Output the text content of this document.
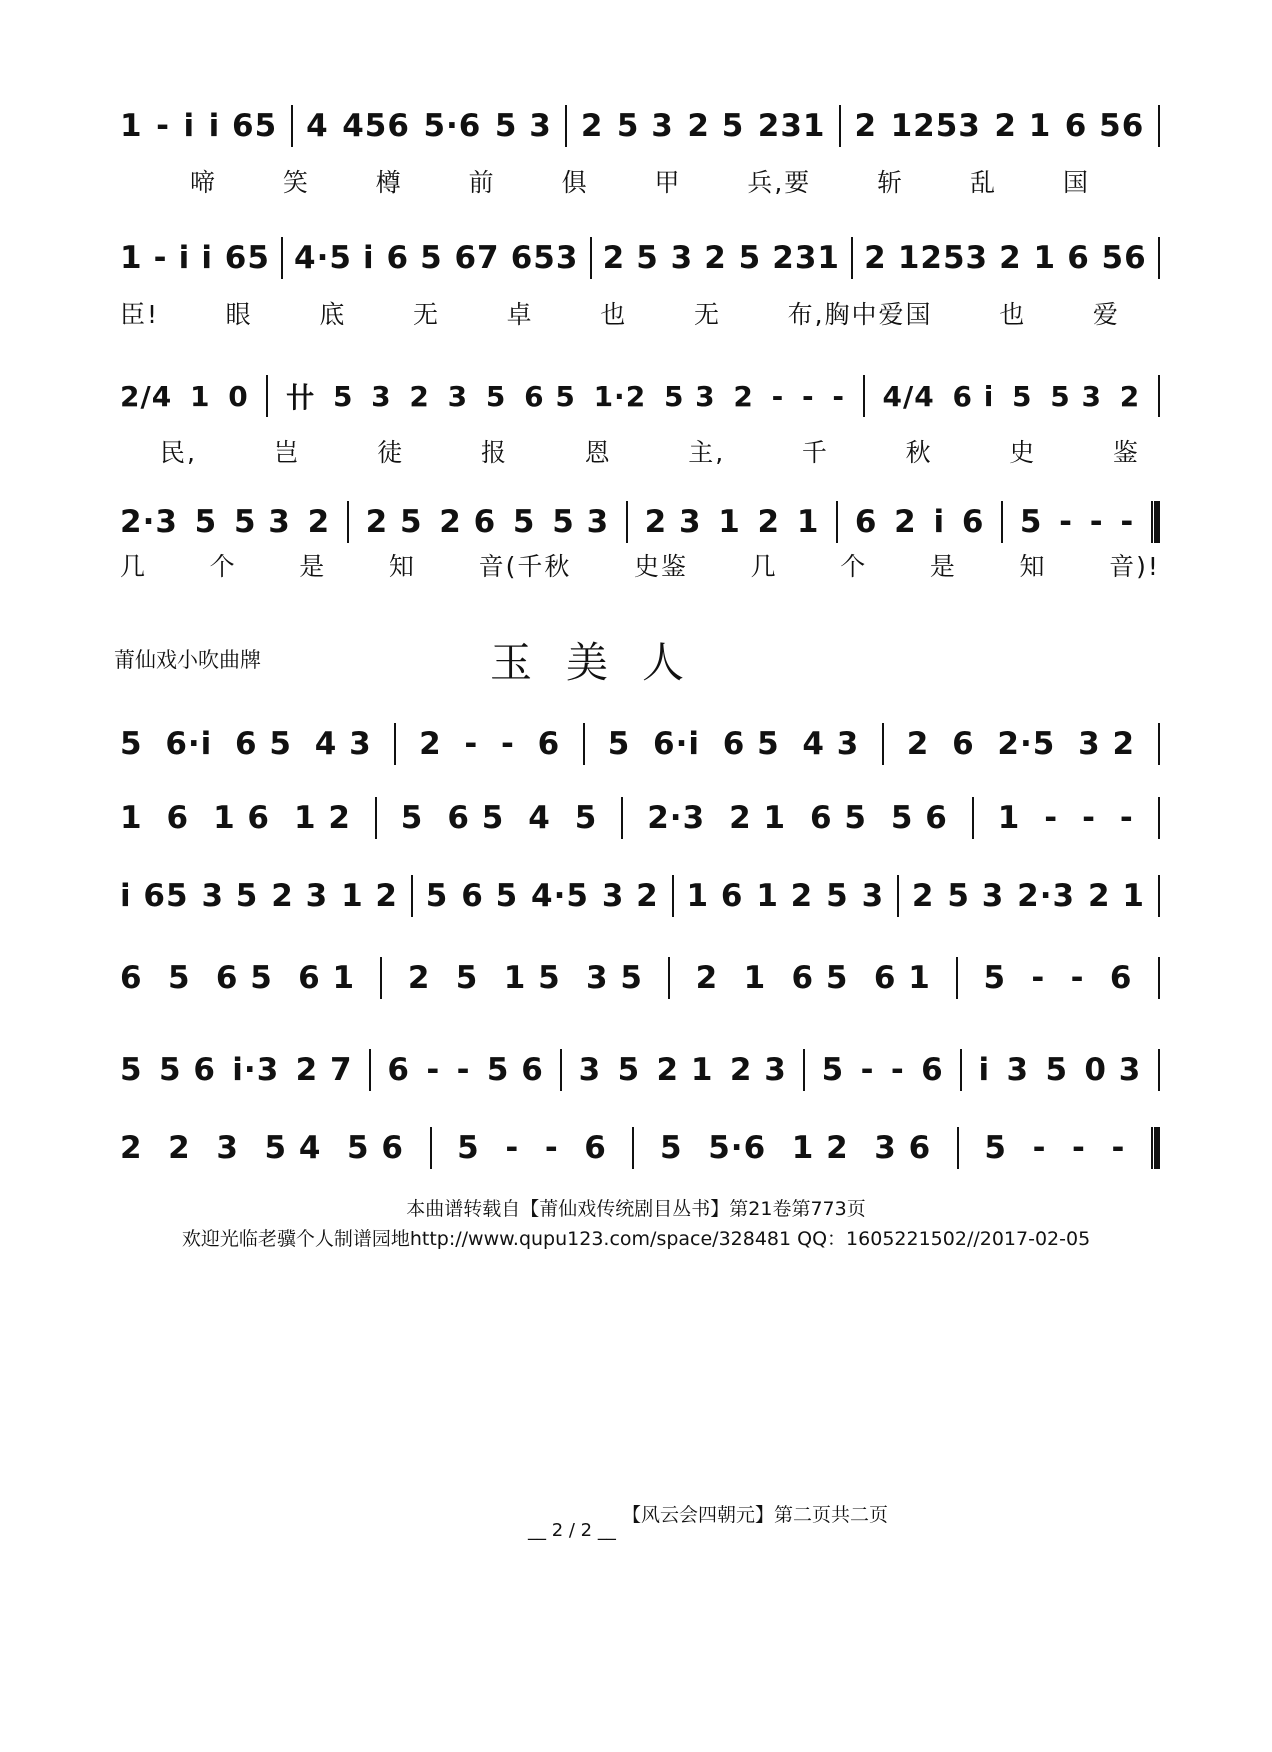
1 - i i 65 4 456 5·6 5 3 2 5 3 2 5 231 2 1253 2 1 6 56
啼	笑	樽	前	俱	甲	兵,要	斩	乱	国
1 - i i 65 4·5 i 6 5 67 653 2 5 3 2 5 231 2 1253 2 1 6 56
臣!	眼	底	无	卓	也	无	布,胸中爱国	也	爱
2/4 1 0 卄 5 3 2 3 5 6 5 1·2 5 3 2 - - - 4/4 6 i 5 5 3 2
民,	岂	徒	报	恩	主,	千	秋	史	鉴
2·3 5 5 3 2 2 5 2 6 5 5 3 2 3 1 2 1 6 2 i 6 5 - - -
几	个	是	知	音(千秋	史鉴	几	个	是	知	音)!
莆仙戏小吹曲牌	玉美人
5 6·i 6 5 4 3 2 - - 6 5 6·i 6 5 4 3 2 6 2·5 3 2
1 6 1 6 1 2 5 6 5 4 5 2·3 2 1 6 5 5 6 1 - - -
i 65 3 5 2 3 1 2 5 6 5 4·5 3 2 1 6 1 2 5 3 2 5 3 2·3 2 1
6 5 6 5 6 1 2 5 1 5 3 5 2 1 6 5 6 1 5 - - 6
5 5 6 i·3 2 7 6 - - 5 6 3 5 2 1 2 3 5 - - 6 i 3 5 0 3
2 2 3 5 4 5 6 5 - - 6 5 5·6 1 2 3 6 5 - - -
本曲谱转载自【莆仙戏传统剧目丛书】第21卷第773页
欢迎光临老骥个人制谱园地http://www.qupu123.com/space/328481 QQ：1605221502//2017-02-05
__ 2 / 2 __
【风云会四朝元】第二页共二页
